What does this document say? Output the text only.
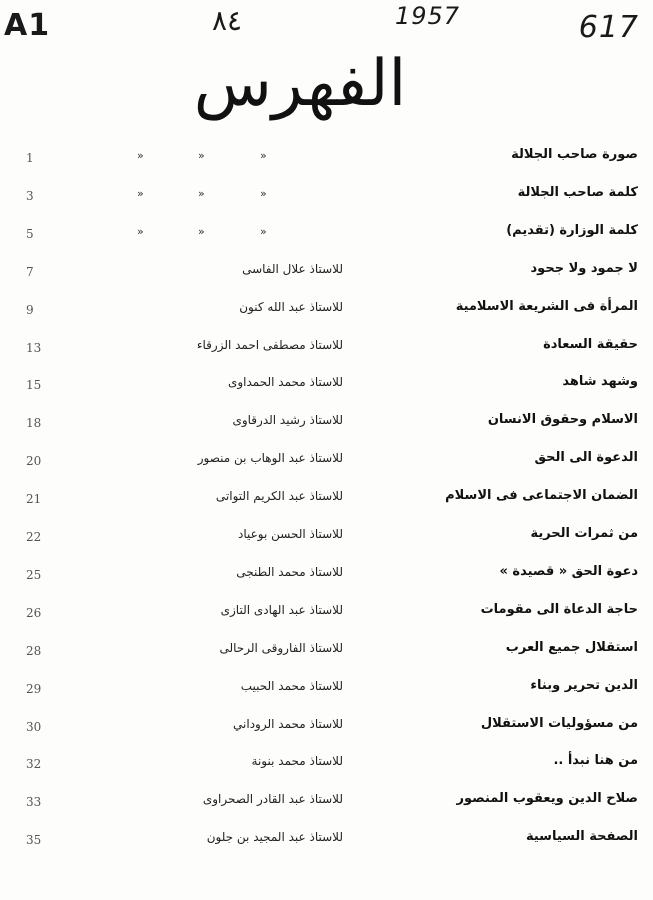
A1	٨٤	1957	617
الفهرس
1	»	»	»	صورة صاحب الجلالة
3	»	»	»	كلمة صاحب الجلالة
5	»	»	»	كلمة الوزارة (تقديم)
7	للاستاذ علال الفاسى	لا جمود ولا جحود
9	للاستاذ عبد الله كنون	المرأة فى الشريعة الاسلامية
13	للاستاذ مصطفى احمد الزرقاء	حقيقة السعادة
15	للاستاذ محمد الحمداوى	وشهد شاهد
18	للاستاذ رشيد الدرقاوى	الاسلام وحقوق الانسان
20	للاستاذ عبد الوهاب بن منصور	الدعوة الى الحق
21	للاستاذ عبد الكريم التواتى	الضمان الاجتماعى فى الاسلام
22	للاستاذ الحسن بوعياد	من ثمرات الحرية
25	للاستاذ محمد الطنجى	دعوة الحق « قصيدة »
26	للاستاذ عبد الهادى التازى	حاجة الدعاة الى مقومات
28	للاستاذ الفاروقى الرحالى	استقلال جميع العرب
29	للاستاذ محمد الحبيب	الدين تحرير وبناء
30	للاستاذ محمد الروداني	من مسؤوليات الاستقلال
32	للاستاذ محمد بنونة	من هنا نبدأ ..
33	للاستاذ عبد القادر الصحراوى	صلاح الدين ويعقوب المنصور
35	للاستاذ عبد المجيد بن جلون	الصفحة السياسية
